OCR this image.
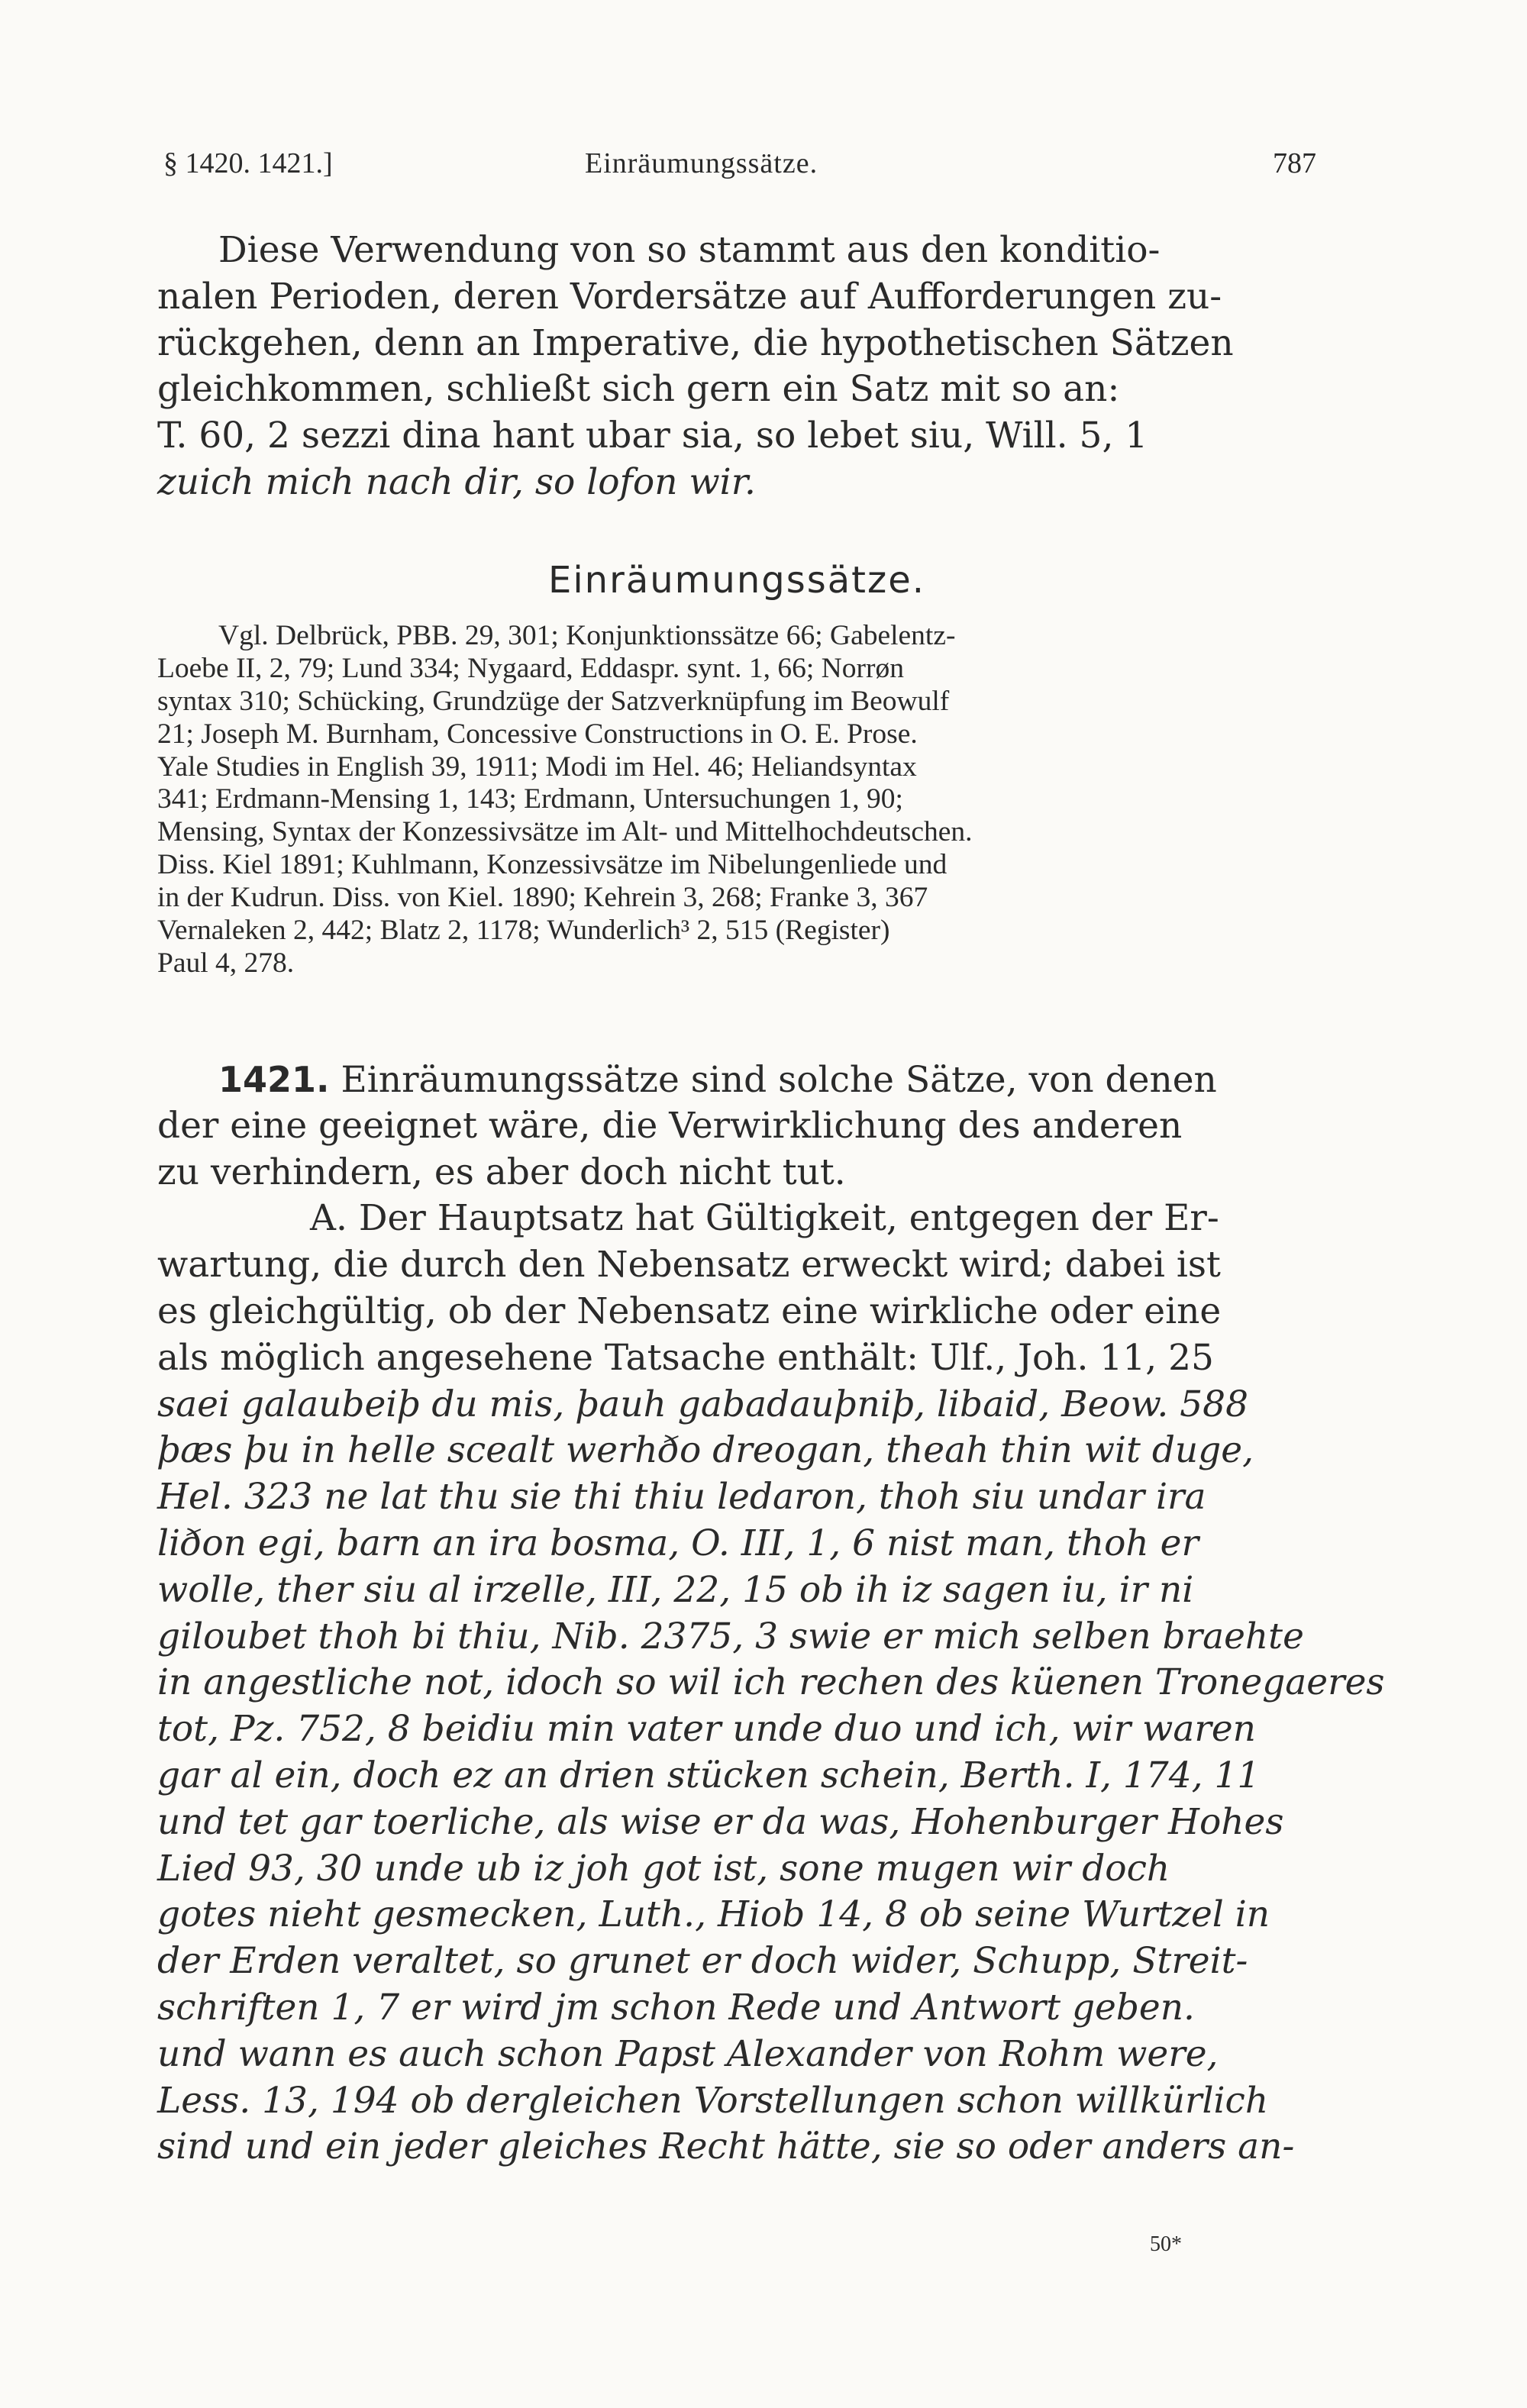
§ 1420. 1421.]	Einräumungssätze.	787
Diese Verwendung von so stammt aus den konditio-
nalen Perioden, deren Vordersätze auf Aufforderungen zu-
rückgehen, denn an Imperative, die hypothetischen Sätzen
gleichkommen, schließt sich gern ein Satz mit so an:
T. 60, 2 sezzi dina hant ubar sia, so lebet siu, Will. 5, 1
zuich mich nach dir, so lofon wir.
Einräumungssätze.
Vgl. Delbrück, PBB. 29, 301; Konjunktionssätze 66; Gabelentz-
Loebe II, 2, 79; Lund 334; Nygaard, Eddaspr. synt. 1, 66; Norrøn
syntax 310; Schücking, Grundzüge der Satzverknüpfung im Beowulf
21; Joseph M. Burnham, Concessive Constructions in O. E. Prose.
Yale Studies in English 39, 1911; Modi im Hel. 46; Heliandsyntax
341; Erdmann-Mensing 1, 143; Erdmann, Untersuchungen 1, 90;
Mensing, Syntax der Konzessivsätze im Alt- und Mittelhochdeutschen.
Diss. Kiel 1891; Kuhlmann, Konzessivsätze im Nibelungenliede und
in der Kudrun. Diss. von Kiel. 1890; Kehrein 3, 268; Franke 3, 367
Vernaleken 2, 442; Blatz 2, 1178; Wunderlich³ 2, 515 (Register)
Paul 4, 278.
1421. Einräumungssätze sind solche Sätze, von denen
der eine geeignet wäre, die Verwirklichung des anderen
zu verhindern, es aber doch nicht tut.
A. Der Hauptsatz hat Gültigkeit, entgegen der Er-
wartung, die durch den Nebensatz erweckt wird; dabei ist
es gleichgültig, ob der Nebensatz eine wirkliche oder eine
als möglich angesehene Tatsache enthält: Ulf., Joh. 11, 25
saei galaubeiþ du mis, þauh gabadauþniþ, libaid, Beow. 588
þæs þu in helle scealt werhðo dreogan, theah thin wit duge,
Hel. 323 ne lat thu sie thi thiu ledaron, thoh siu undar ira
liðon egi, barn an ira bosma, O. III, 1, 6 nist man, thoh er
wolle, ther siu al irzelle, III, 22, 15 ob ih iz sagen iu, ir ni
giloubet thoh bi thiu, Nib. 2375, 3 swie er mich selben braehte
in angestliche not, idoch so wil ich rechen des küenen Tronegaeres
tot, Pz. 752, 8 beidiu min vater unde duo und ich, wir waren
gar al ein, doch ez an drien stücken schein, Berth. I, 174, 11
und tet gar toerliche, als wise er da was, Hohenburger Hohes
Lied 93, 30 unde ub iz joh got ist, sone mugen wir doch
gotes nieht gesmecken, Luth., Hiob 14, 8 ob seine Wurtzel in
der Erden veraltet, so grunet er doch wider, Schupp, Streit-
schriften 1, 7 er wird jm schon Rede und Antwort geben.
und wann es auch schon Papst Alexander von Rohm were,
Less. 13, 194 ob dergleichen Vorstellungen schon willkürlich
sind und ein jeder gleiches Recht hätte, sie so oder anders an-
50*
